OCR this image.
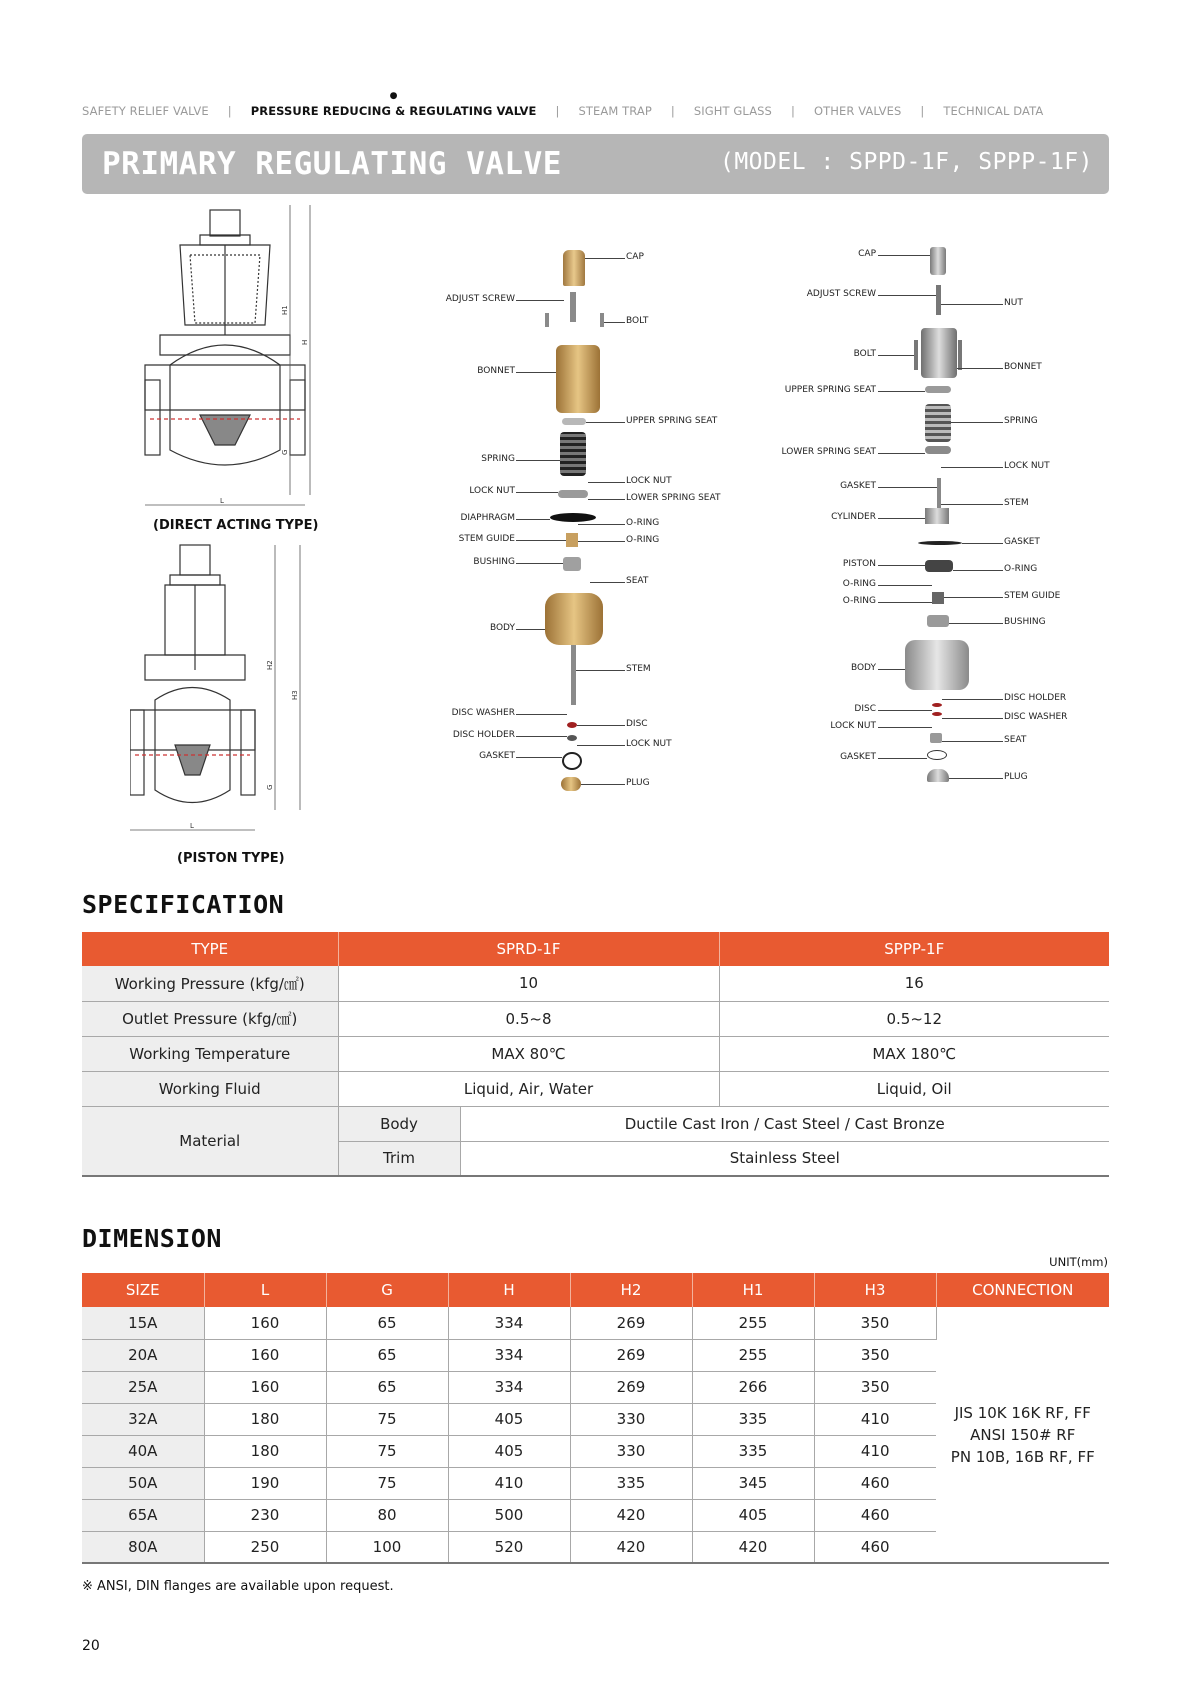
SAFETY RELIEF VALVE |
●
PRESSURE REDUCING & REGULATING VALVE | STEAM TRAP | SIGHT GLASS | OTHER VALVES | TECHNICAL DATA
PRIMARY REGULATING VALVE	(MODEL : SPPD-1F, SPPP-1F)
H1
H
G
L
(DIRECT ACTING TYPE)
H2
H3
G
L
(PISTON TYPE)
ADJUST SCREW
BONNET
SPRING
LOCK NUT
DIAPHRAGM
STEM GUIDE
BUSHING
BODY
DISC WASHER
DISC HOLDER
GASKET
CAP
BOLT
UPPER SPRING SEAT
LOCK NUT
LOWER SPRING SEAT
O-RING
O-RING
SEAT
STEM
DISC
LOCK NUT
PLUG
CAP
ADJUST SCREW
BOLT
UPPER SPRING SEAT
LOWER SPRING SEAT
GASKET
CYLINDER
PISTON
O-RING
O-RING
BODY
DISC
LOCK NUT
GASKET
NUT
BONNET
SPRING
LOCK NUT
STEM
GASKET
O-RING
STEM GUIDE
BUSHING
DISC HOLDER
DISC WASHER
SEAT
PLUG
SPECIFICATION
TYPE	SPRD-1F		SPPP-1F
Working Pressure (kfg/㎠)	10		16
Outlet Pressure (kfg/㎠)	0.5~8		0.5~12
Working Temperature	MAX 80℃		MAX 180℃
Working Fluid	Liquid, Air, Water		Liquid, Oil
Material	Body	Ductile Cast Iron / Cast Steel / Cast Bronze	
	Trim	Stainless Steel	
DIMENSION
UNIT(mm)
SIZE	L	G	H	H2	H1	H3	CONNECTION
15A	160	65	334	269	255	350	JIS 10K 16K RF, FF
ANSI 150# RF
PN 10B, 16B RF, FF

20A	160	65	334	269	255	350	
25A	160	65	334	269	266	350	
32A	180	75	405	330	335	410	
40A	180	75	405	330	335	410	
50A	190	75	410	335	345	460	
65A	230	80	500	420	405	460	
80A	250	100	520	420	420	460	
※ ANSI, DIN flanges are available upon request.
20
